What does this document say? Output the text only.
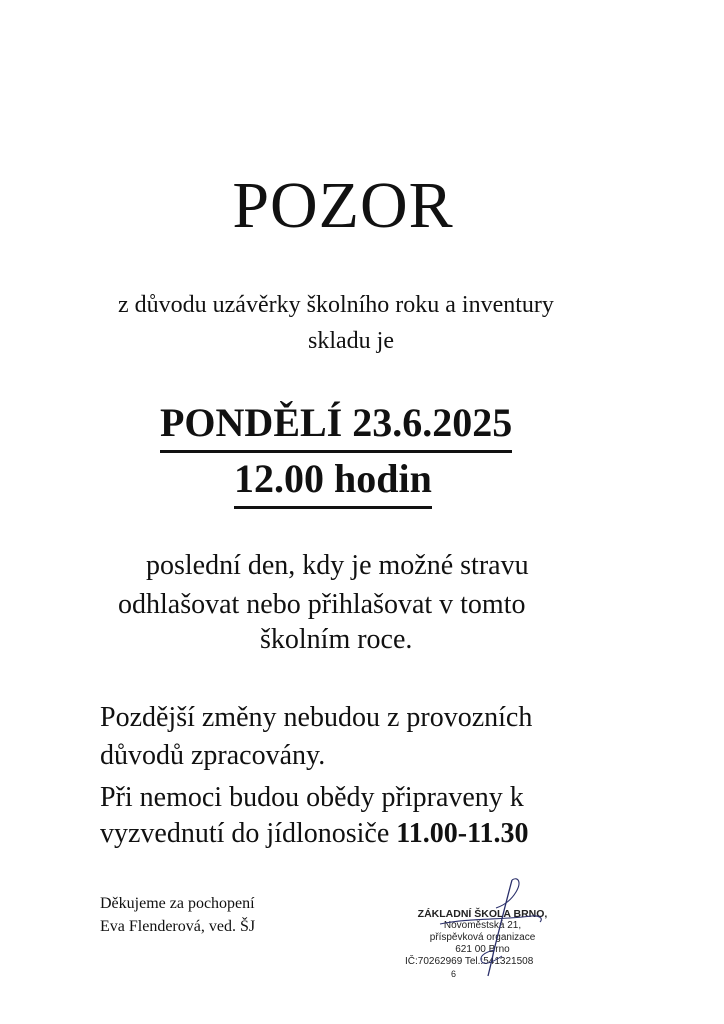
POZOR
z důvodu uzávěrky školního roku a inventury
skladu je
PONDĚLÍ 23.6.2025
12.00 hodin
poslední den, kdy je možné stravu
odhlašovat nebo přihlašovat v tomto
školním roce.
Pozdější změny nebudou z provozních
důvodů zpracovány.
Při nemoci budou obědy připraveny k
vyzvednutí do jídlonosiče 11.00-11.30
Děkujeme za pochopení
Eva Flenderová, ved. ŠJ
ZÁKLADNÍ ŠKOLA BRNO,
Novoměstská 21,
příspěvková organizace
621 00 Brno
IČ:70262969 Tel.:541321508
6
